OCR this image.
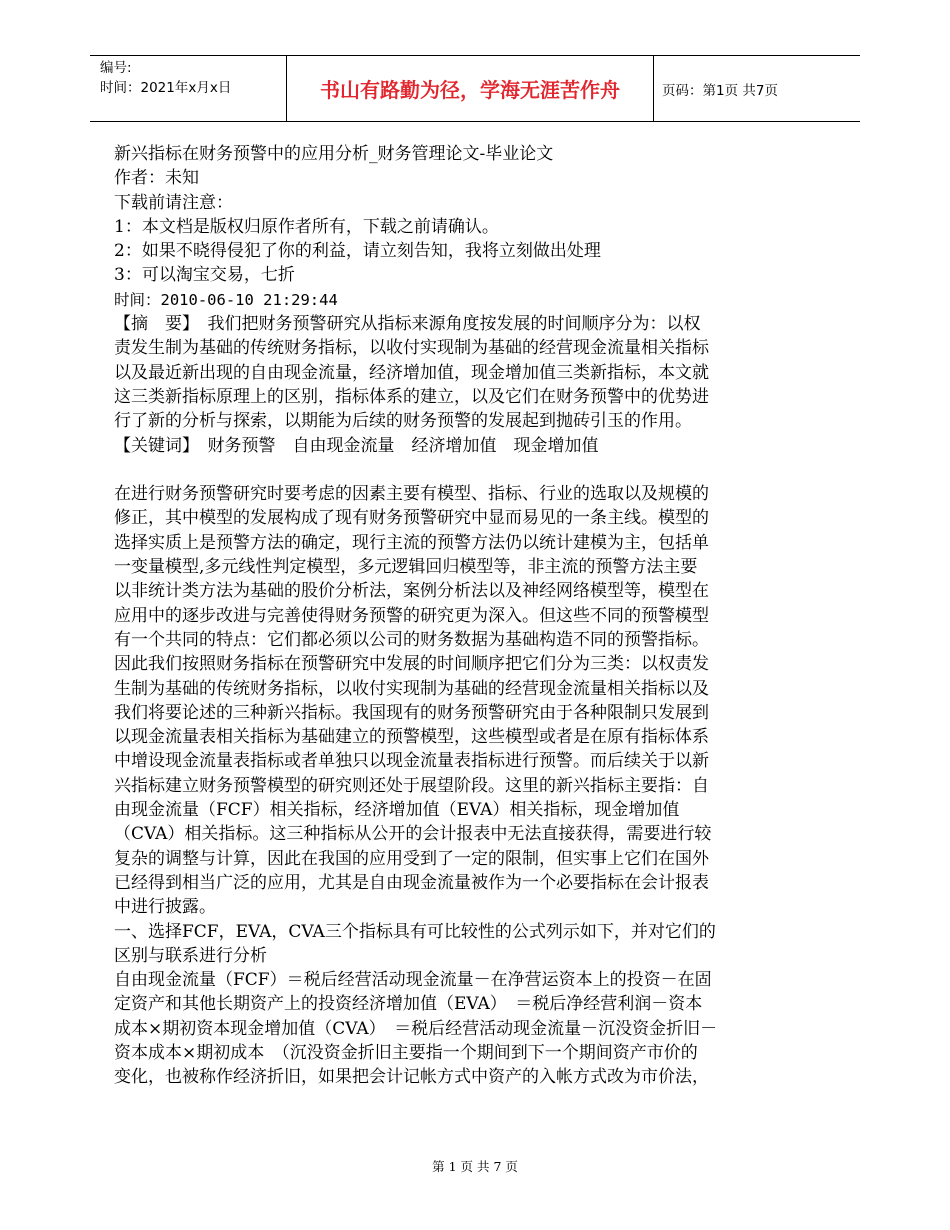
编号:
时间：2021年x月x日	书山有路勤为径，学海无涯苦作舟	页码：第1页 共7页
新兴指标在财务预警中的应用分析_财务管理论文-毕业论文
作者：未知
下载前请注意：
1：本文档是版权归原作者所有，下载之前请确认。
2：如果不晓得侵犯了你的利益，请立刻告知，我将立刻做出处理
3：可以淘宝交易，七折
时间：2010-06-10 21:29:44
【摘　要】　我们把财务预警研究从指标来源角度按发展的时间顺序分为：以权
责发生制为基础的传统财务指标，以收付实现制为基础的经营现金流量相关指标
以及最近新出现的自由现金流量，经济增加值，现金增加值三类新指标，本文就
这三类新指标原理上的区别，指标体系的建立，以及它们在财务预警中的优势进
行了新的分析与探索，以期能为后续的财务预警的发展起到抛砖引玉的作用。
【关键词】　财务预警　自由现金流量　经济增加值　现金增加值
在进行财务预警研究时要考虑的因素主要有模型、指标、行业的选取以及规模的
修正，其中模型的发展构成了现有财务预警研究中显而易见的一条主线。模型的
选择实质上是预警方法的确定，现行主流的预警方法仍以统计建模为主，包括单
一变量模型,多元线性判定模型，多元逻辑回归模型等，非主流的预警方法主要
以非统计类方法为基础的股价分析法，案例分析法以及神经网络模型等，模型在
应用中的逐步改进与完善使得财务预警的研究更为深入。但这些不同的预警模型
有一个共同的特点：它们都必须以公司的财务数据为基础构造不同的预警指标。
因此我们按照财务指标在预警研究中发展的时间顺序把它们分为三类：以权责发
生制为基础的传统财务指标，以收付实现制为基础的经营现金流量相关指标以及
我们将要论述的三种新兴指标。我国现有的财务预警研究由于各种限制只发展到
以现金流量表相关指标为基础建立的预警模型，这些模型或者是在原有指标体系
中增设现金流量表指标或者单独只以现金流量表指标进行预警。而后续关于以新
兴指标建立财务预警模型的研究则还处于展望阶段。这里的新兴指标主要指：自
由现金流量（FCF）相关指标，经济增加值（EVA）相关指标，现金增加值
（CVA）相关指标。这三种指标从公开的会计报表中无法直接获得，需要进行较
复杂的调整与计算，因此在我国的应用受到了一定的限制，但实事上它们在国外
已经得到相当广泛的应用，尤其是自由现金流量被作为一个必要指标在会计报表
中进行披露。
一、选择FCF，EVA，CVA三个指标具有可比较性的公式列示如下，并对它们的
区别与联系进行分析
自由现金流量（FCF）＝税后经营活动现金流量－在净营运资本上的投资－在固
定资产和其他长期资产上的投资经济增加值（EVA）　＝税后净经营利润－资本
成本×期初资本现金增加值（CVA）　＝税后经营活动现金流量－沉没资金折旧－
资本成本×期初成本　（沉没资金折旧主要指一个期间到下一个期间资产市价的
变化，也被称作经济折旧，如果把会计记帐方式中资产的入帐方式改为市价法，
第 1 页 共 7 页
